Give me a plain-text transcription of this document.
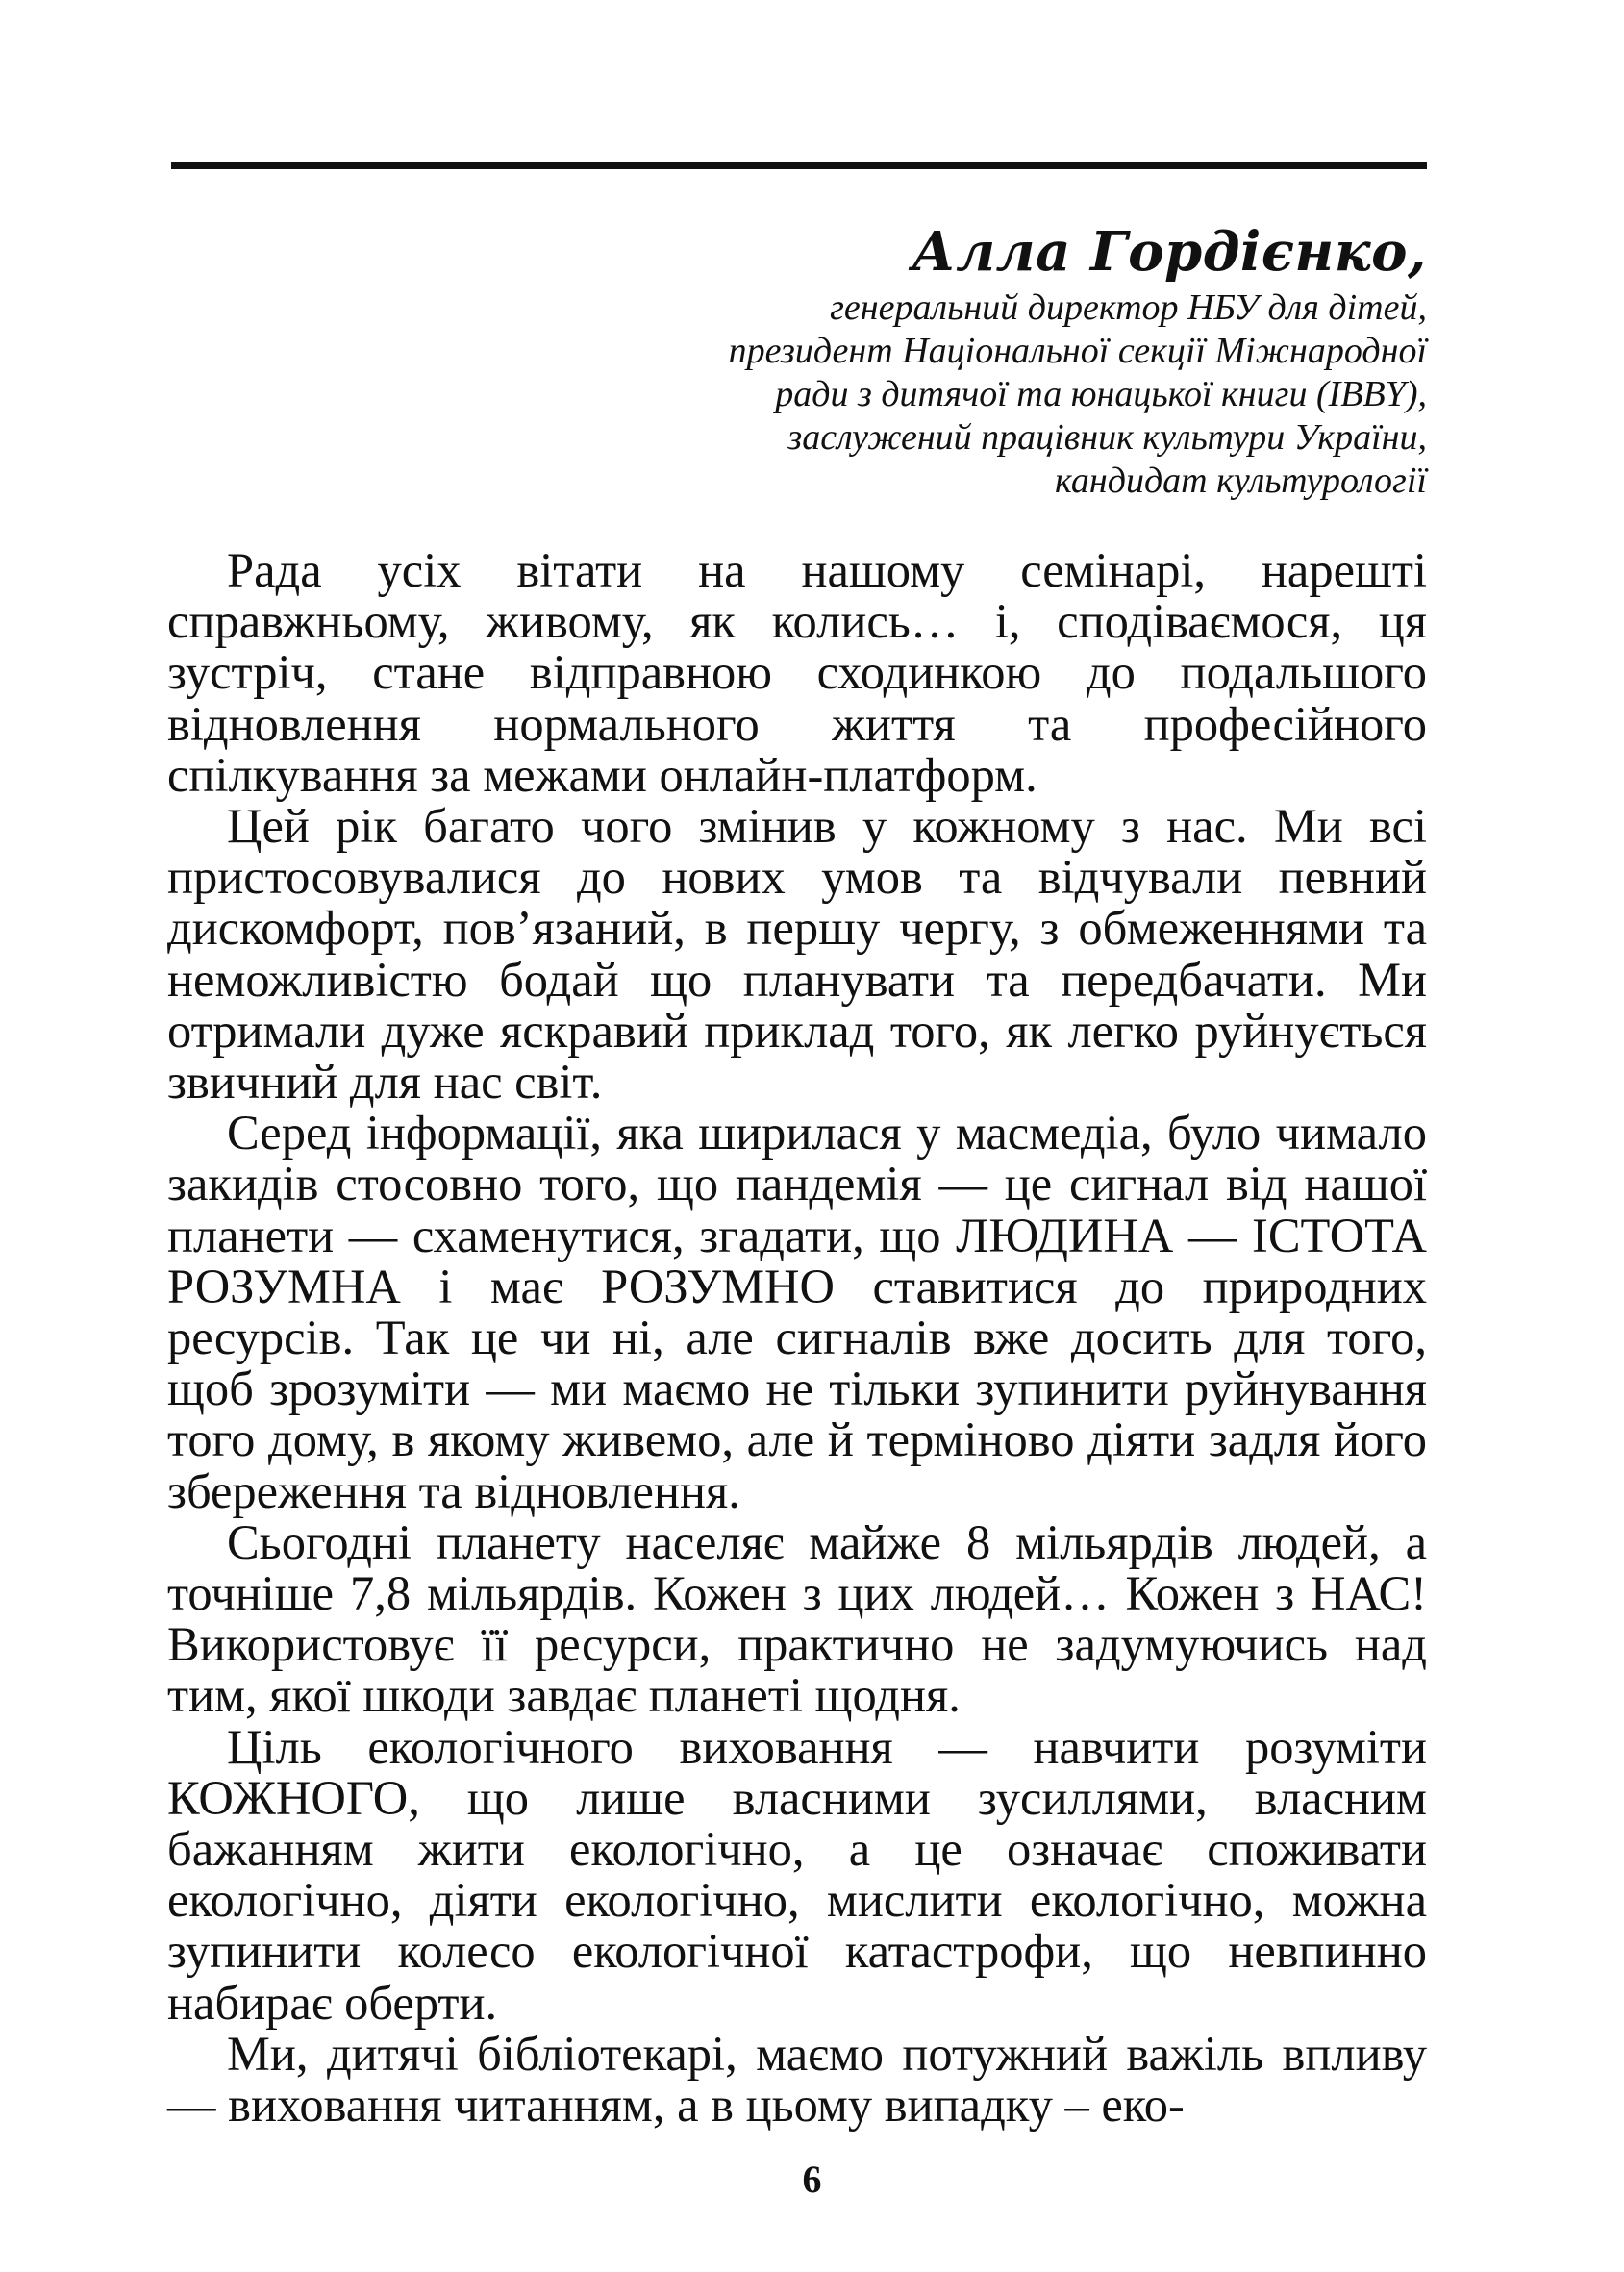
Алла Гордієнко,

генеральний директор НБУ для дітей,

президент Національної секції Міжнародної

ради з дитячої та юнацької книги (IBBY),

заслужений працівник культури України,

кандидат культурології

Рада усіх вітати на нашому семінарі, нарешті справжньому, живому, як колись… і, сподіваємося, ця зустріч, стане відправною сходинкою до подальшого відновлення нормального життя та професійного спілкування за межами онлайн-платформ.

Цей рік багато чого змінив у кожному з нас. Ми всі пристосовувалися до нових умов та відчували певний дискомфорт, пов’язаний, в першу чергу, з обмеженнями та неможливістю бодай що планувати та передбачати. Ми отримали дуже яскравий приклад того, як легко руйнується звичний для нас світ.

Серед інформації, яка ширилася у масмедіа, було чимало закидів стосовно того, що пандемія — це сигнал від нашої планети — схаменутися, згадати, що ЛЮДИНА — ІСТОТА РОЗУМНА і має РОЗУМНО ставитися до природних ресурсів. Так це чи ні, але сигналів вже досить для того, щоб зрозуміти — ми маємо не тільки зупинити руйнування того дому, в якому живемо, але й терміново діяти задля його збереження та відновлення.

Сьогодні планету населяє майже 8 мільярдів людей, а точніше 7,8 мільярдів. Кожен з цих людей… Кожен з НАС! Використовує її ресурси, практично не задумуючись над тим, якої шкоди завдає планеті щодня.

Ціль екологічного виховання — навчити розуміти КОЖНОГО, що лише власними зусиллями, власним бажанням жити екологічно, а це означає споживати екологічно, діяти екологічно, мислити екологічно, можна зупинити колесо екологічної катастрофи, що невпинно набирає оберти.

Ми, дитячі бібліотекарі, маємо потужний важіль впливу — виховання читанням, а в цьому випадку – еко-

6
